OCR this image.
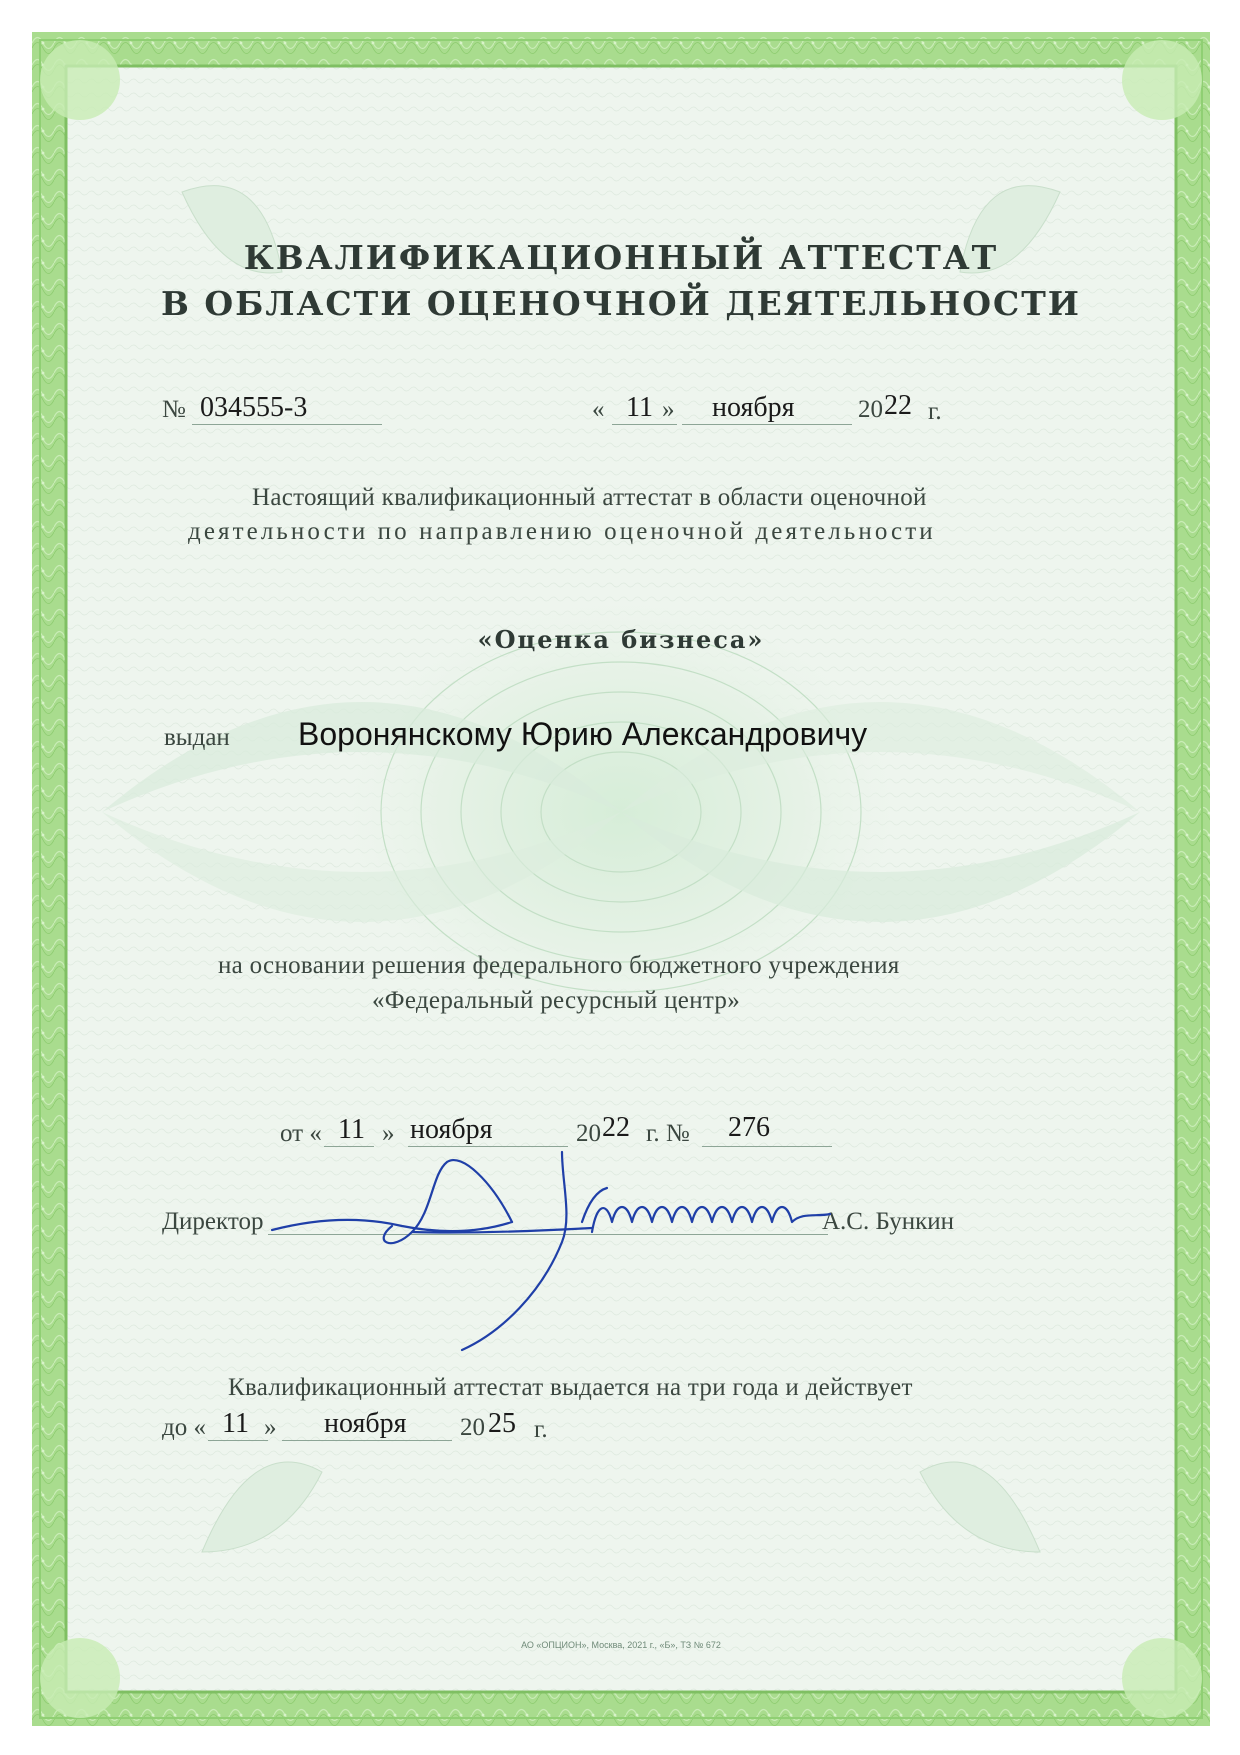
КВАЛИФИКАЦИОННЫЙ АТТЕСТАТ
В ОБЛАСТИ ОЦЕНОЧНОЙ ДЕЯТЕЛЬНОСТИ
№ 034555-3	« 11 » ноября	20 22 г.
Настоящий квалификационный аттестат в области оценочной
деятельности по направлению оценочной деятельности
«Оценка бизнеса»
выдан Воронянскому Юрию Александровичу
на основании решения федерального бюджетного учреждения
«Федеральный ресурсный центр»
от « 11 » ноября	20 22 г. № 276
Директор	А.С. Бункин
Квалификационный аттестат выдается на три года и действует
до « 11 » ноября 20 25 г.
АО «ОПЦИОН», Москва, 2021 г., «Б», ТЗ № 672
